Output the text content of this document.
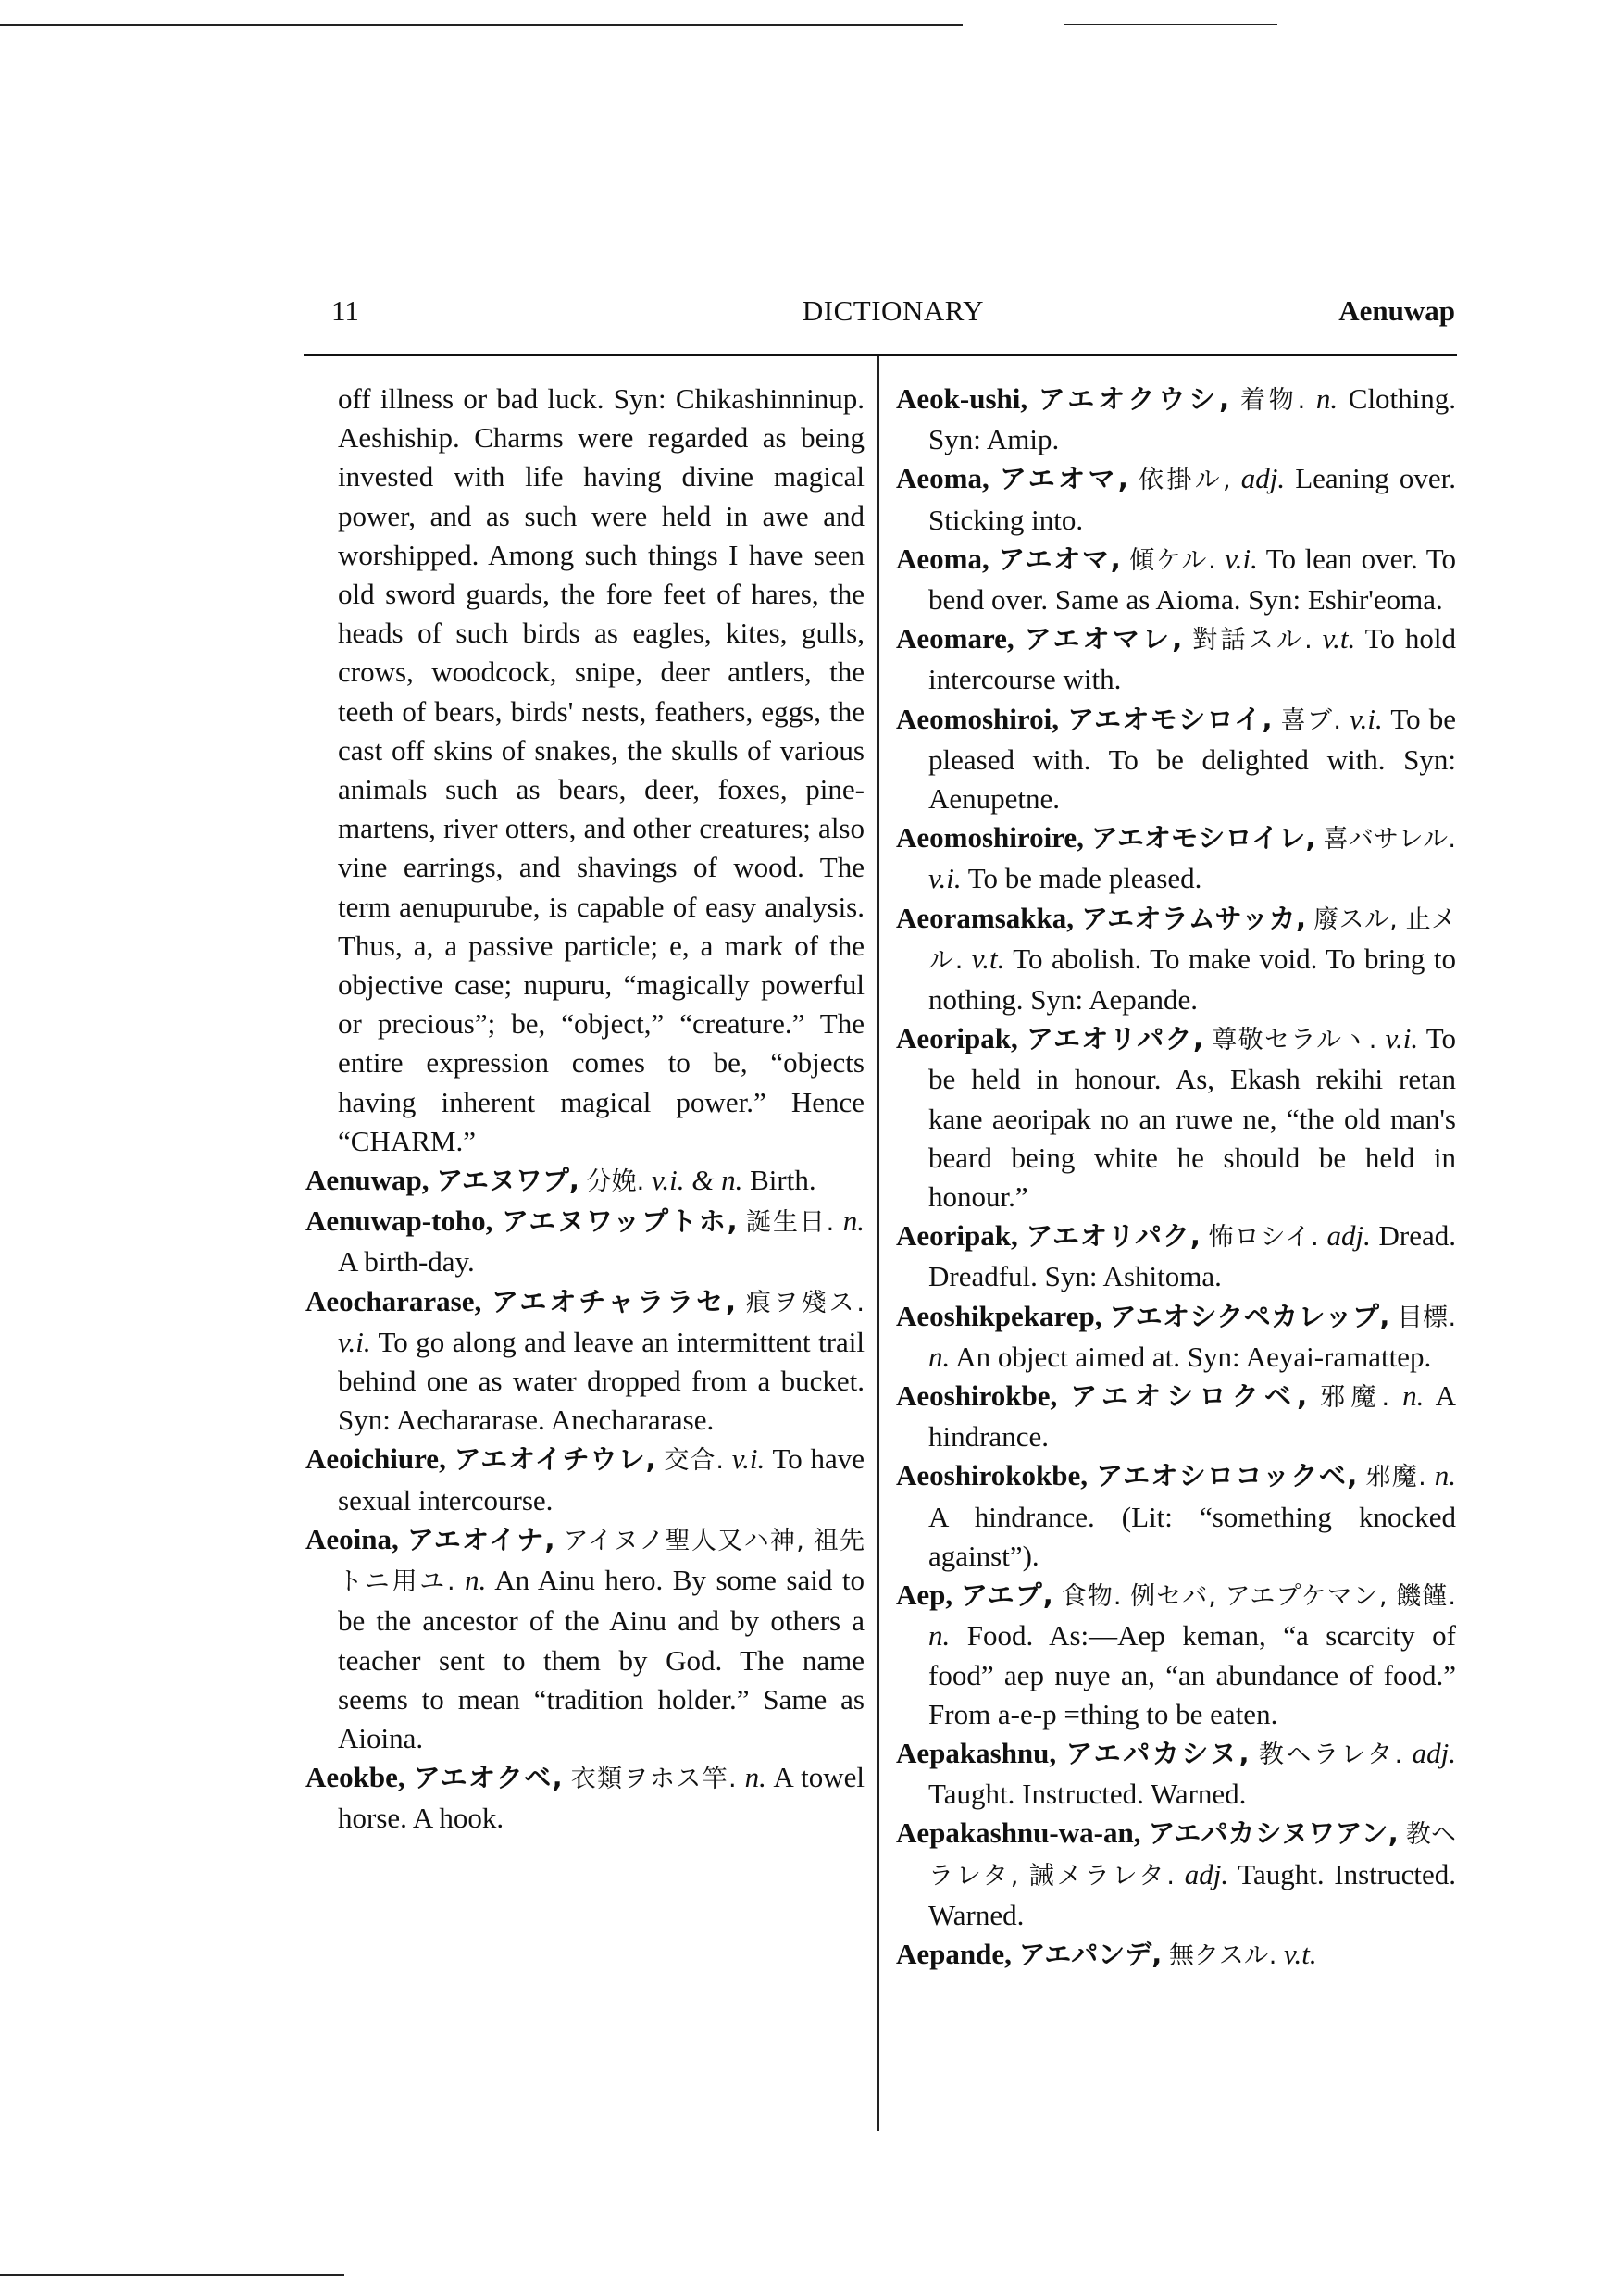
11	DICTIONARY	Aenuwap
off illness or bad luck. Syn: Chikashinninup. Aeshiship. Charms were regarded as being invested with life having divine magical power, and as such were held in awe and worshipped. Among such things I have seen old sword guards, the fore feet of hares, the heads of such birds as eagles, kites, gulls, crows, woodcock, snipe, deer antlers, the teeth of bears, birds' nests, feathers, eggs, the cast off skins of snakes, the skulls of various animals such as bears, deer, foxes, pine-martens, river otters, and other creatures; also vine earrings, and shavings of wood. The term aenupurube, is capable of easy analysis. Thus, a, a passive particle; e, a mark of the objective case; nupuru, “magically powerful or precious”; be, “object,” “creature.” The entire expression comes to be, “objects having inherent magical power.” Hence “CHARM.”
Aenuwap, アエヌワプ, 分娩. v.i. & n. Birth.
Aenuwap-toho, アエヌワップトホ, 誕生日. n. A birth-day.
Aeochararase, アエオチャララセ, 痕ヲ殘ス. v.i. To go along and leave an intermittent trail behind one as water dropped from a bucket. Syn: Aechararase. Anechararase.
Aeoichiure, アエオイチウレ, 交合. v.i. To have sexual intercourse.
Aeoina, アエオイナ, アイヌノ聖人又ハ神, 祖先トニ用ユ. n. An Ainu hero. By some said to be the ancestor of the Ainu and by others a teacher sent to them by God. The name seems to mean “tradition holder.” Same as Aioina.
Aeokbe, アエオクベ, 衣類ヲホス竿. n. A towel horse. A hook.
Aeok-ushi, アエオクウシ, 着物. n. Clothing. Syn: Amip.
Aeoma, アエオマ, 依掛ル, adj. Leaning over. Sticking into.
Aeoma, アエオマ, 傾ケル. v.i. To lean over. To bend over. Same as Aioma. Syn: Eshir'eoma.
Aeomare, アエオマレ, 對話スル. v.t. To hold intercourse with.
Aeomoshiroi, アエオモシロイ, 喜ブ. v.i. To be pleased with. To be delighted with. Syn: Aenupetne.
Aeomoshiroire, アエオモシロイレ, 喜バサレル. v.i. To be made pleased.
Aeoramsakka, アエオラムサッカ, 廢スル, 止メル. v.t. To abolish. To make void. To bring to nothing. Syn: Aepande.
Aeoripak, アエオリパク, 尊敬セラルヽ. v.i. To be held in honour. As, Ekash rekihi retan kane aeoripak no an ruwe ne, “the old man's beard being white he should be held in honour.”
Aeoripak, アエオリパク, 怖ロシイ. adj. Dread. Dreadful. Syn: Ashitoma.
Aeoshikpekarep, アエオシクペカレップ, 目標. n. An object aimed at. Syn: Aeyai-ramattep.
Aeoshirokbe, アエオシロクベ, 邪魔. n. A hindrance.
Aeoshirokokbe, アエオシロコックベ, 邪魔. n. A hindrance. (Lit: “something knocked against”).
Aep, アエプ, 食物. 例セバ, アエプケマン, 饑饉. n. Food. As:—Aep keman, “a scarcity of food” aep nuye an, “an abundance of food.” From a-e-p =thing to be eaten.
Aepakashnu, アエパカシヌ, 教ヘラレタ. adj. Taught. Instructed. Warned.
Aepakashnu-wa-an, アエパカシヌワアン, 教ヘラレタ, 誡メラレタ. adj. Taught. Instructed. Warned.
Aepande, アエパンデ, 無クスル. v.t.
